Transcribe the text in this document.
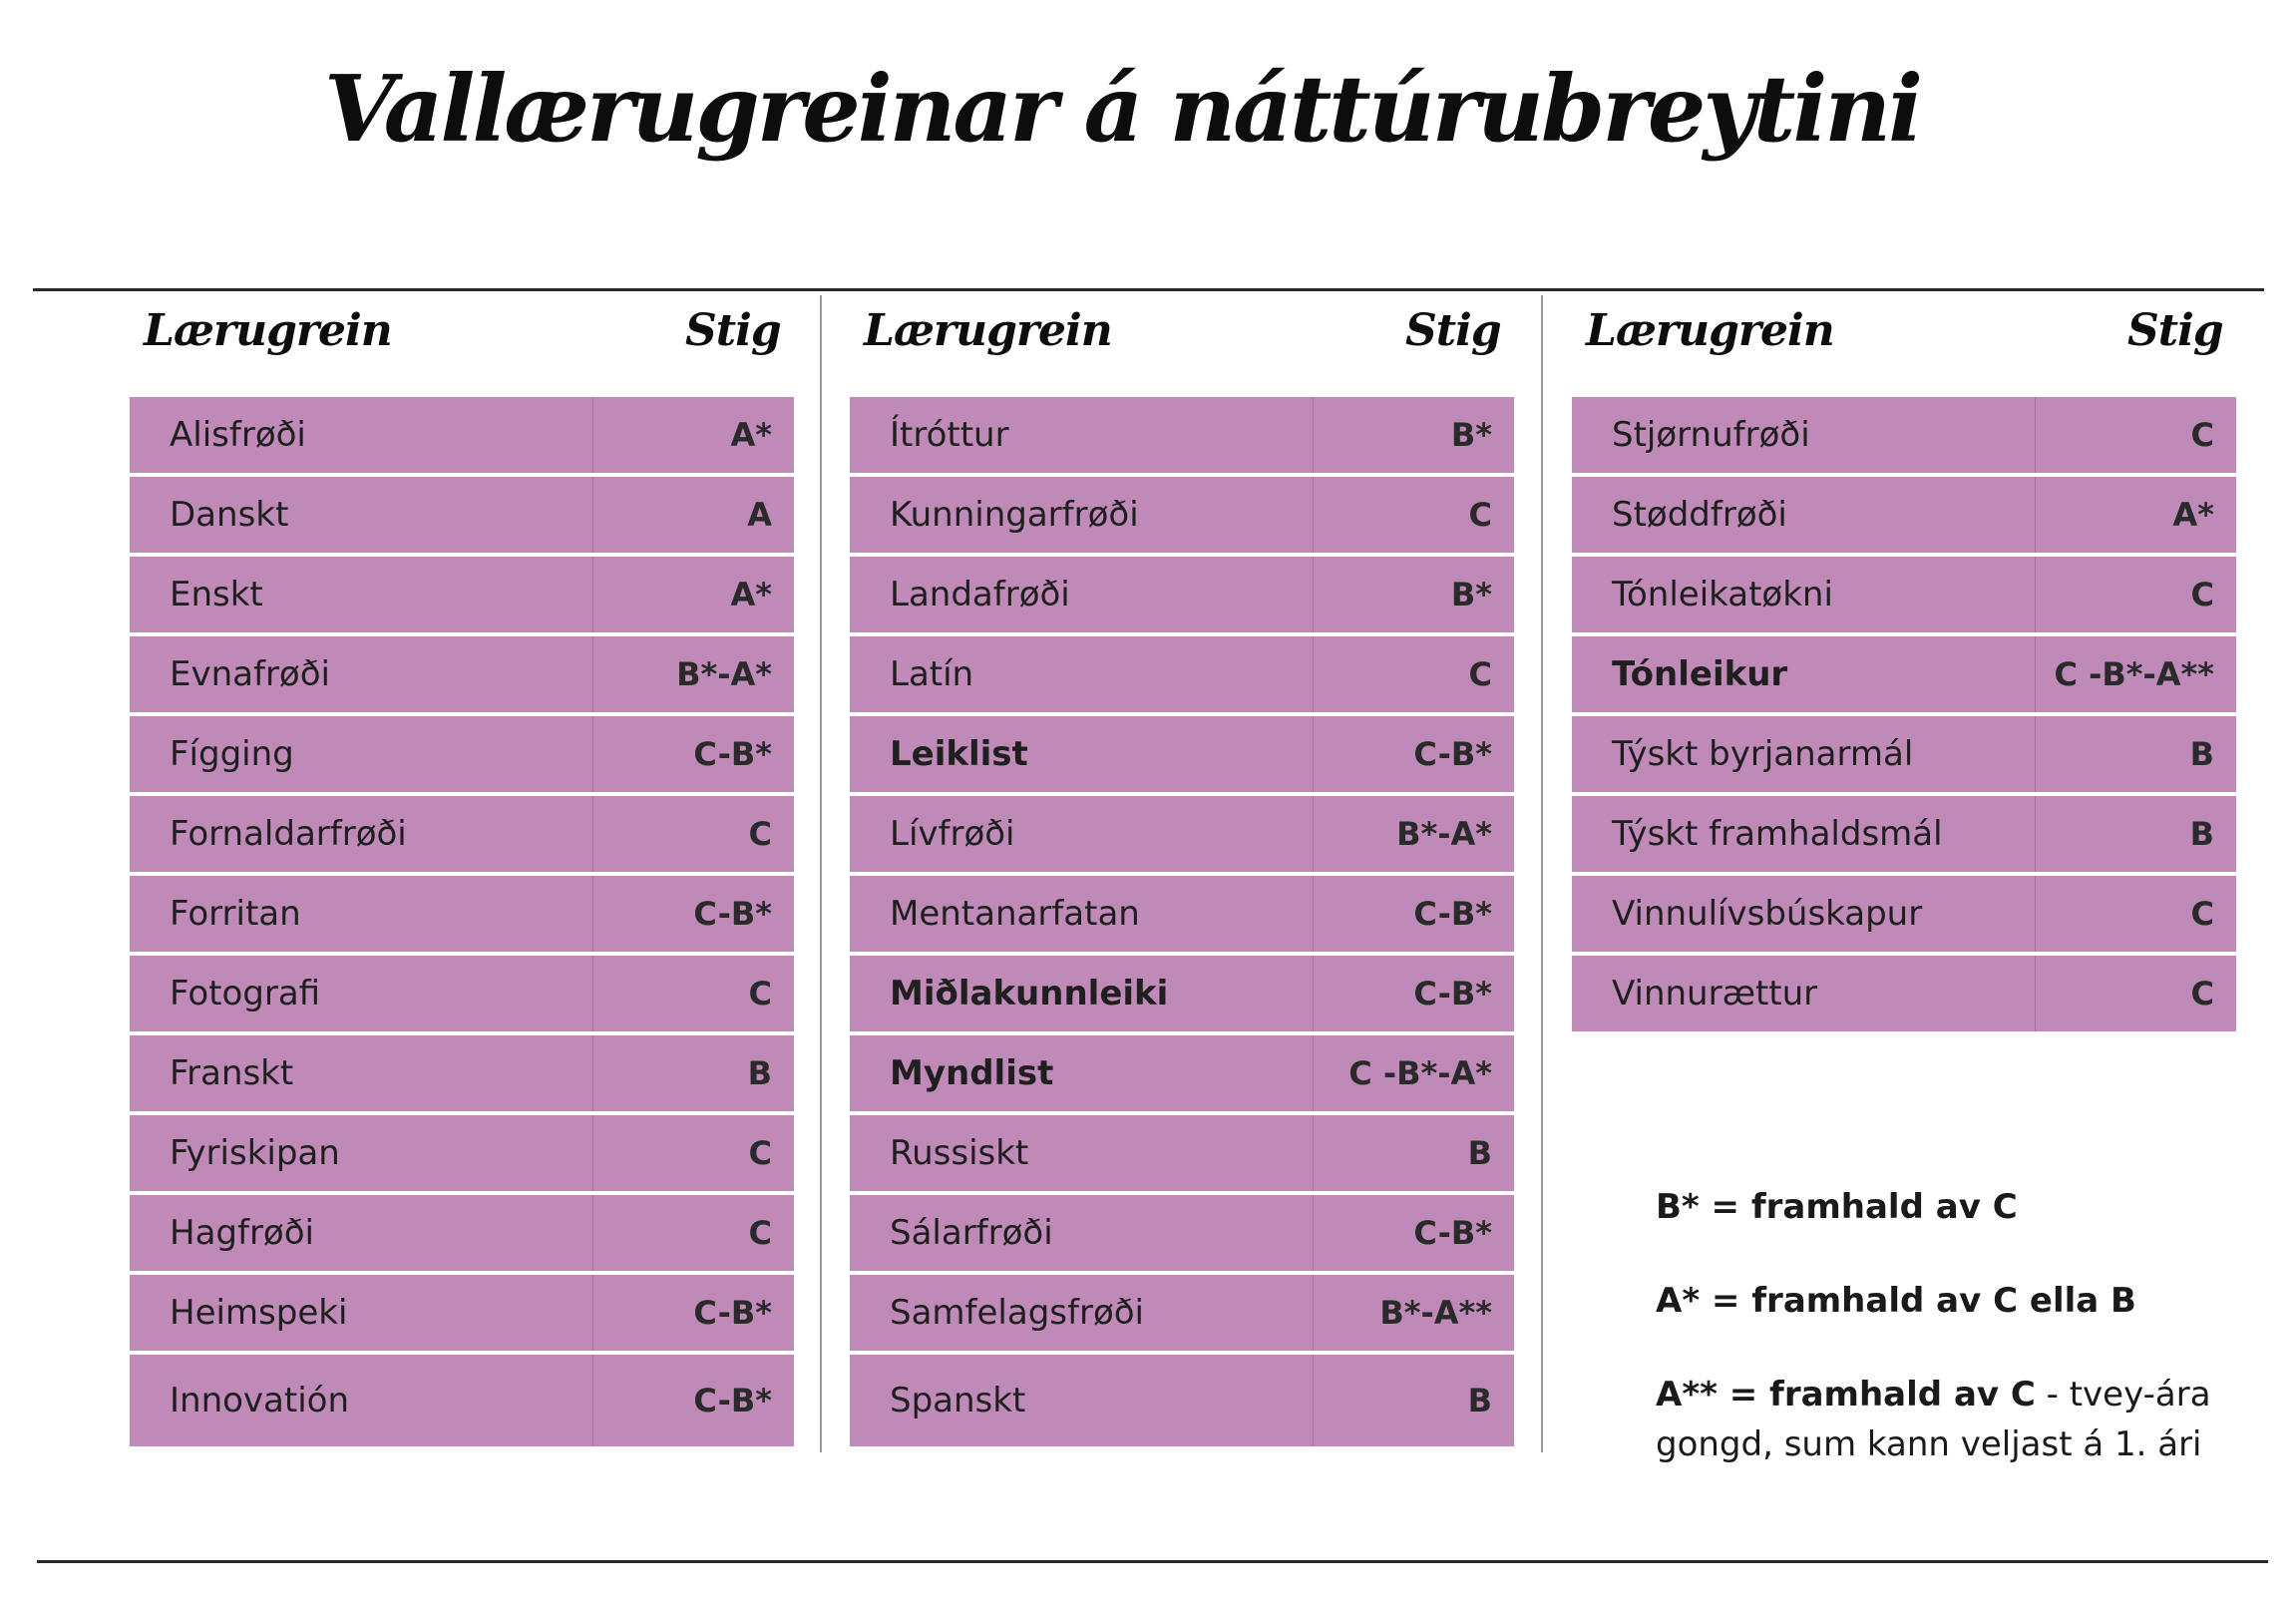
Vallærugreinar á náttúrubreytini
Lærugrein	Stig
Alisfrøði	A*
Danskt	A
Enskt	A*
Evnafrøði	B*-A*
Fígging	C-B*
Fornaldarfrøði	C
Forritan	C-B*
Fotografi	C
Franskt	B
Fyriskipan	C
Hagfrøði	C
Heimspeki	C-B*
Innovatión	C-B*
Lærugrein	Stig
Ítróttur	B*
Kunningarfrøði	C
Landafrøði	B*
Latín	C
Leiklist	C-B*
Lívfrøði	B*-A*
Mentanarfatan	C-B*
Miðlakunnleiki	C-B*
Myndlist	C -B*-A*
Russiskt	B
Sálarfrøði	C-B*
Samfelagsfrøði	B*-A**
Spanskt	B
Lærugrein	Stig
Stjørnufrøði	C
Støddfrøði	A*
Tónleikatøkni	C
Tónleikur	C -B*-A**
Týskt byrjanarmál	B
Týskt framhaldsmál	B
Vinnulívsbúskapur	C
Vinnurættur	C

B* = framhald av C

A* = framhald av C ella B

A** = framhald av C - tvey-ára gongd, sum kann veljast á 1. ári
